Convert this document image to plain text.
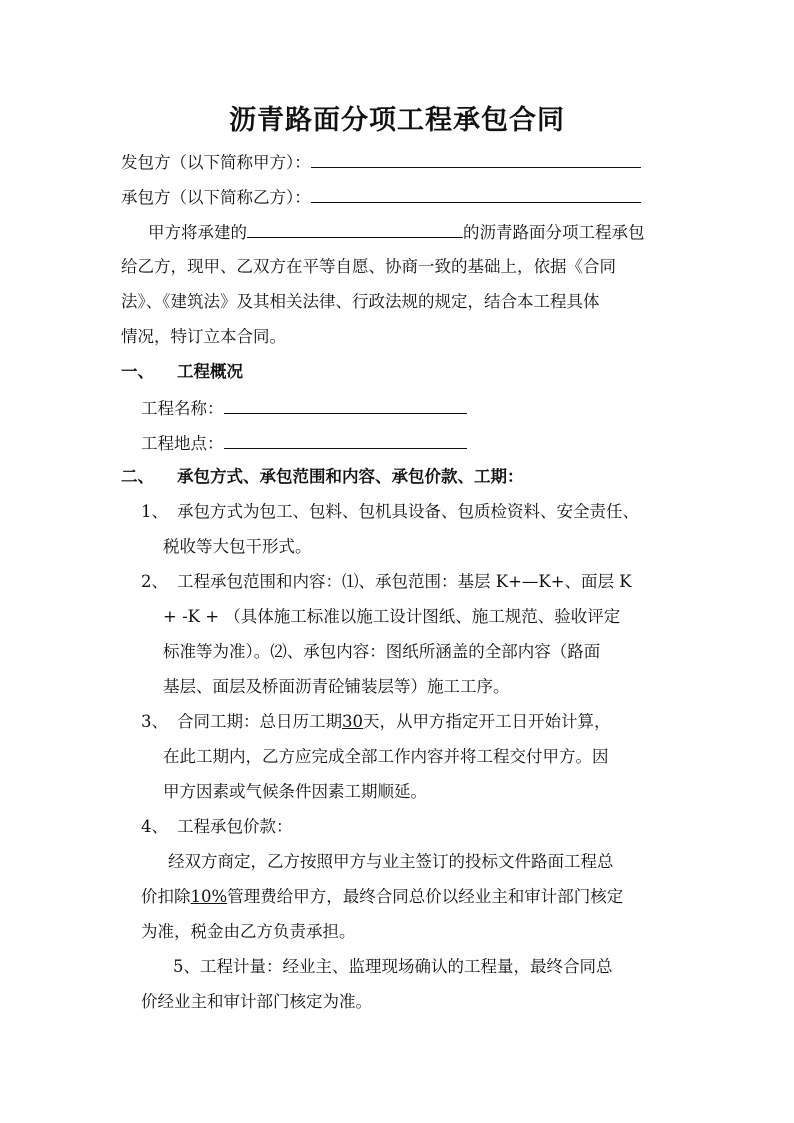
沥青路面分项工程承包合同
发包方（以下简称甲方）：
承包方（以下简称乙方）：
甲方将承建的	的沥青路面分项工程承包
给乙方，现甲、乙双方在平等自愿、协商一致的基础上，依据《合同
法》、《建筑法》及其相关法律、行政法规的规定，结合本工程具体
情况，特订立本合同。
一、 工程概况
工程名称：
工程地点：
二、 承包方式、承包范围和内容、承包价款、工期：
1、 承包方式为包工、包料、包机具设备、包质检资料、安全责任、
税收等大包干形式。
2、 工程承包范围和内容：⑴、承包范围：基层 K+—K+、面层 K
+ -K + （具体施工标准以施工设计图纸、施工规范、验收评定
标准等为准）。⑵、承包内容：图纸所涵盖的全部内容（路面
基层、面层及桥面沥青砼铺装层等）施工工序。
3、 合同工期：总日历工期30天，从甲方指定开工日开始计算，
在此工期内，乙方应完成全部工作内容并将工程交付甲方。因
甲方因素或气候条件因素工期顺延。
4、 工程承包价款：
经双方商定，乙方按照甲方与业主签订的投标文件路面工程总
价扣除10%管理费给甲方，最终合同总价以经业主和审计部门核定
为准，税金由乙方负责承担。
5、工程计量：经业主、监理现场确认的工程量，最终合同总
价经业主和审计部门核定为准。
